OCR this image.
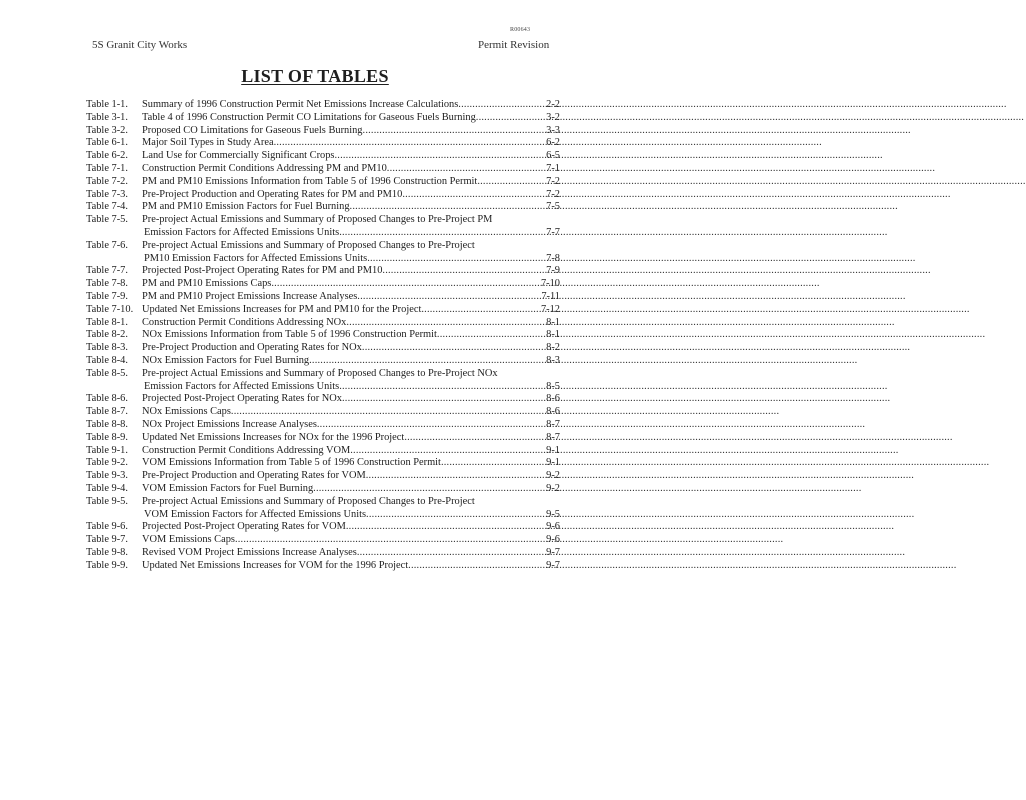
R00643
5S Granit City Works	Permit Revision
LIST OF TABLES
Table 1-1.	Summary of 1996 Construction Permit Net Emissions Increase Calculations .....	2-2
Table 3-1.	Table 4 of 1996 Construction Permit CO Limitations for Gaseous Fuels Burning .....	3-2
Table 3-2.	Proposed CO Limitations for Gaseous Fuels Burning .....	3-3
Table 6-1.	Major Soil Types in Study Area .....	6-2
Table 6-2.	Land Use for Commercially Significant Crops .....	6-5
Table 7-1.	Construction Permit Conditions Addressing PM and PM10 .....	7-1
Table 7-2.	PM and PM10 Emissions Information from Table 5 of 1996 Construction Permit .....	7-2
Table 7-3.	Pre-Project Production and Operating Rates for PM and PM10 .....	7-2
Table 7-4.	PM and PM10 Emission Factors for Fuel Burning .....	7-5
Table 7-5.	Pre-project Actual Emissions and Summary of Proposed Changes to Pre-Project PM
Emission Factors for Affected Emissions Units .....	7-7
Table 7-6.	Pre-project Actual Emissions and Summary of Proposed Changes to Pre-Project
PM10 Emission Factors for Affected Emissions Units .....	7-8
Table 7-7.	Projected Post-Project Operating Rates for PM and PM10 .....	7-9
Table 7-8.	PM and PM10 Emissions Caps .....	7-10
Table 7-9.	PM and PM10 Project Emissions Increase Analyses .....	7-11
Table 7-10. Updated Net Emissions Increases for PM and PM10 for the Project .....	7-12
Table 8-1.	Construction Permit Conditions Addressing NOx .....	8-1
Table 8-2.	NOx Emissions Information from Table 5 of 1996 Construction Permit .....	8-1
Table 8-3.	Pre-Project Production and Operating Rates for NOx .....	8-2
Table 8-4.	NOx Emission Factors for Fuel Burning .....	8-3
Table 8-5.	Pre-project Actual Emissions and Summary of Proposed Changes to Pre-Project NOx
Emission Factors for Affected Emissions Units .....	8-5
Table 8-6.	Projected Post-Project Operating Rates for NOx .....	8-6
Table 8-7.	NOx Emissions Caps .....	8-6
Table 8-8.	NOx Project Emissions Increase Analyses .....	8-7
Table 8-9.	Updated Net Emissions Increases for NOx for the 1996 Project .....	8-7
Table 9-1.	Construction Permit Conditions Addressing VOM .....	9-1
Table 9-2.	VOM Emissions Information from Table 5 of 1996 Construction Permit .....	9-1
Table 9-3.	Pre-Project Production and Operating Rates for VOM .....	9-2
Table 9-4.	VOM Emission Factors for Fuel Burning .....	9-2
Table 9-5.	Pre-project Actual Emissions and Summary of Proposed Changes to Pre-Project
VOM Emission Factors for Affected Emissions Units .....	9-5
Table 9-6.	Projected Post-Project Operating Rates for VOM .....	9-6
Table 9-7.	VOM Emissions Caps .....	9-6
Table 9-8.	Revised VOM Project Emissions Increase Analyses .....	9-7
Table 9-9.	Updated Net Emissions Increases for VOM for the 1996 Project .....	9-7
